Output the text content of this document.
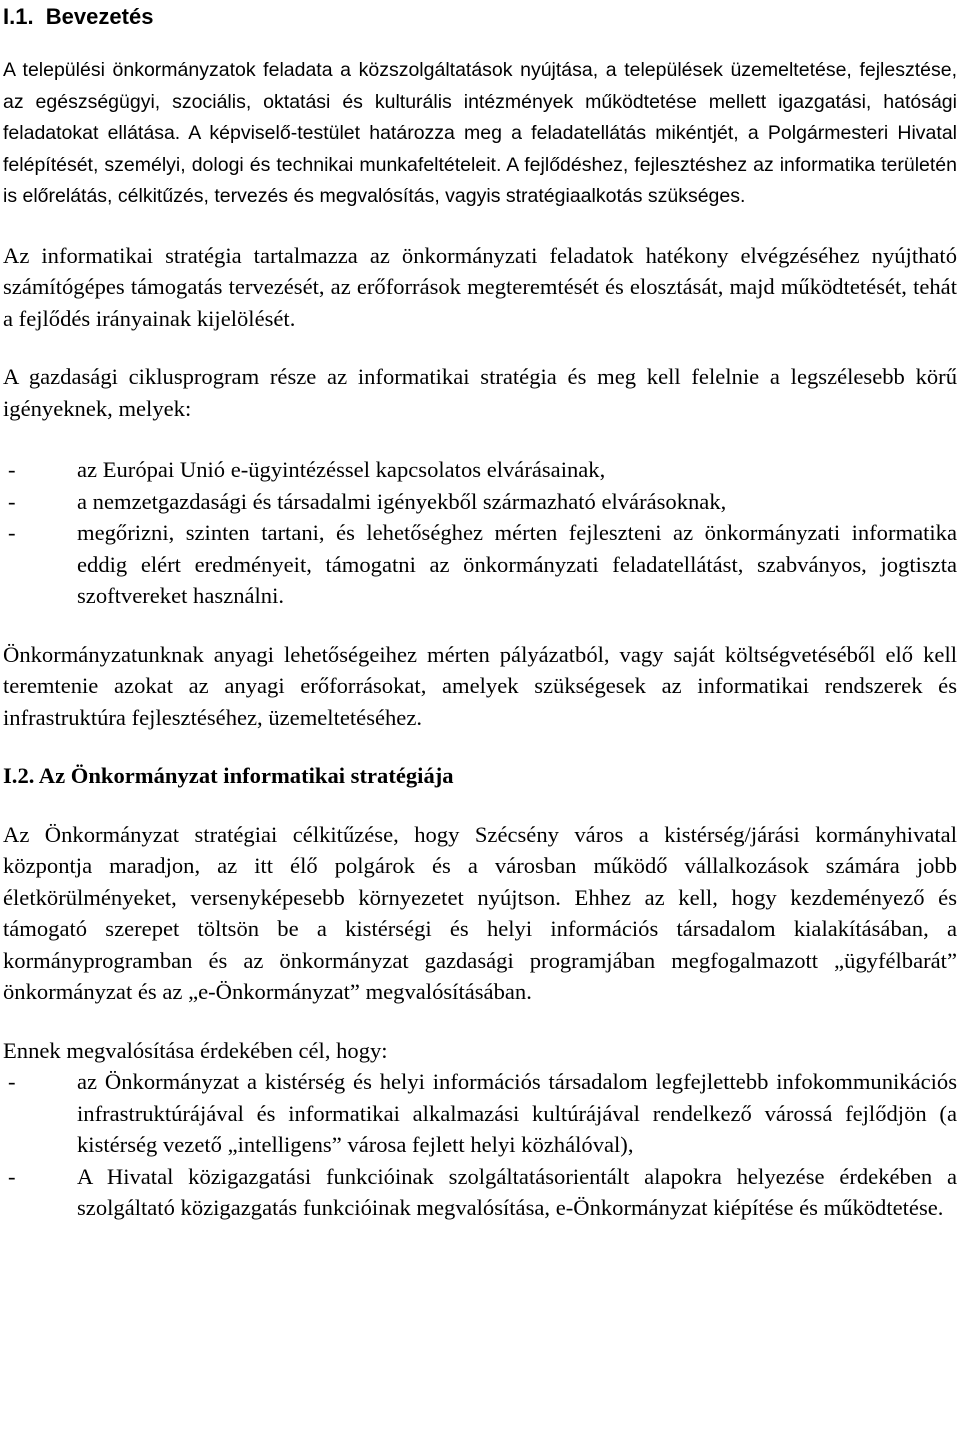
I.1.  Bevezetés

A települési önkormányzatok feladata a közszolgáltatások nyújtása, a települések üzemeltetése, fejlesztése, az egészségügyi, szociális, oktatási és kulturális intézmények működtetése mellett igazgatási, hatósági feladatokat ellátása. A képviselő-testület határozza meg a feladatellátás mikéntjét, a Polgármesteri Hivatal felépítését, személyi, dologi és technikai munkafeltételeit. A fejlődéshez, fejlesztéshez az informatika területén is előrelátás, célkitűzés, tervezés és megvalósítás, vagyis stratégiaalkotás szükséges.

Az informatikai stratégia tartalmazza az önkormányzati feladatok hatékony elvégzéséhez nyújtható számítógépes támogatás tervezését, az erőforrások megteremtését és elosztását, majd működtetését, tehát a fejlődés irányainak kijelölését.

A gazdasági ciklusprogram része az informatikai stratégia és meg kell felelnie a legszélesebb körű igényeknek, melyek:

-	az Európai Unió e-ügyintézéssel kapcsolatos elvárásainak,
-	a nemzetgazdasági és társadalmi igényekből származható elvárásoknak,
-	megőrizni, szinten tartani, és lehetőséghez mérten fejleszteni az önkormányzati informatika eddig elért eredményeit, támogatni az önkormányzati feladatellátást, szabványos, jogtiszta szoftvereket használni.

Önkormányzatunknak anyagi lehetőségeihez mérten pályázatból, vagy saját költségvetéséből elő kell teremtenie azokat az anyagi erőforrásokat, amelyek szükségesek az informatikai rendszerek és infrastruktúra fejlesztéséhez, üzemeltetéséhez.

I.2. Az Önkormányzat informatikai stratégiája

Az Önkormányzat stratégiai célkitűzése, hogy Szécsény város a kistérség/járási kormányhivatal központja maradjon, az itt élő polgárok és a városban működő vállalkozások számára jobb életkörülményeket, versenyképesebb környezetet nyújtson. Ehhez az kell, hogy kezdeményező és támogató szerepet töltsön be a kistérségi és helyi információs társadalom kialakításában, a kormányprogramban és az önkormányzat gazdasági programjában megfogalmazott „ügyfélbarát” önkormányzat és az „e-Önkormányzat” megvalósításában.

Ennek megvalósítása érdekében cél, hogy:

-	az Önkormányzat a kistérség és helyi információs társadalom legfejlettebb infokommunikációs infrastruktúrájával és informatikai alkalmazási kultúrájával rendelkező várossá fejlődjön (a kistérség vezető „intelligens” városa fejlett helyi közhálóval),
-	A Hivatal közigazgatási funkcióinak szolgáltatásorientált alapokra helyezése érdekében a szolgáltató közigazgatás funkcióinak megvalósítása, e-Önkormányzat kiépítése és működtetése.
